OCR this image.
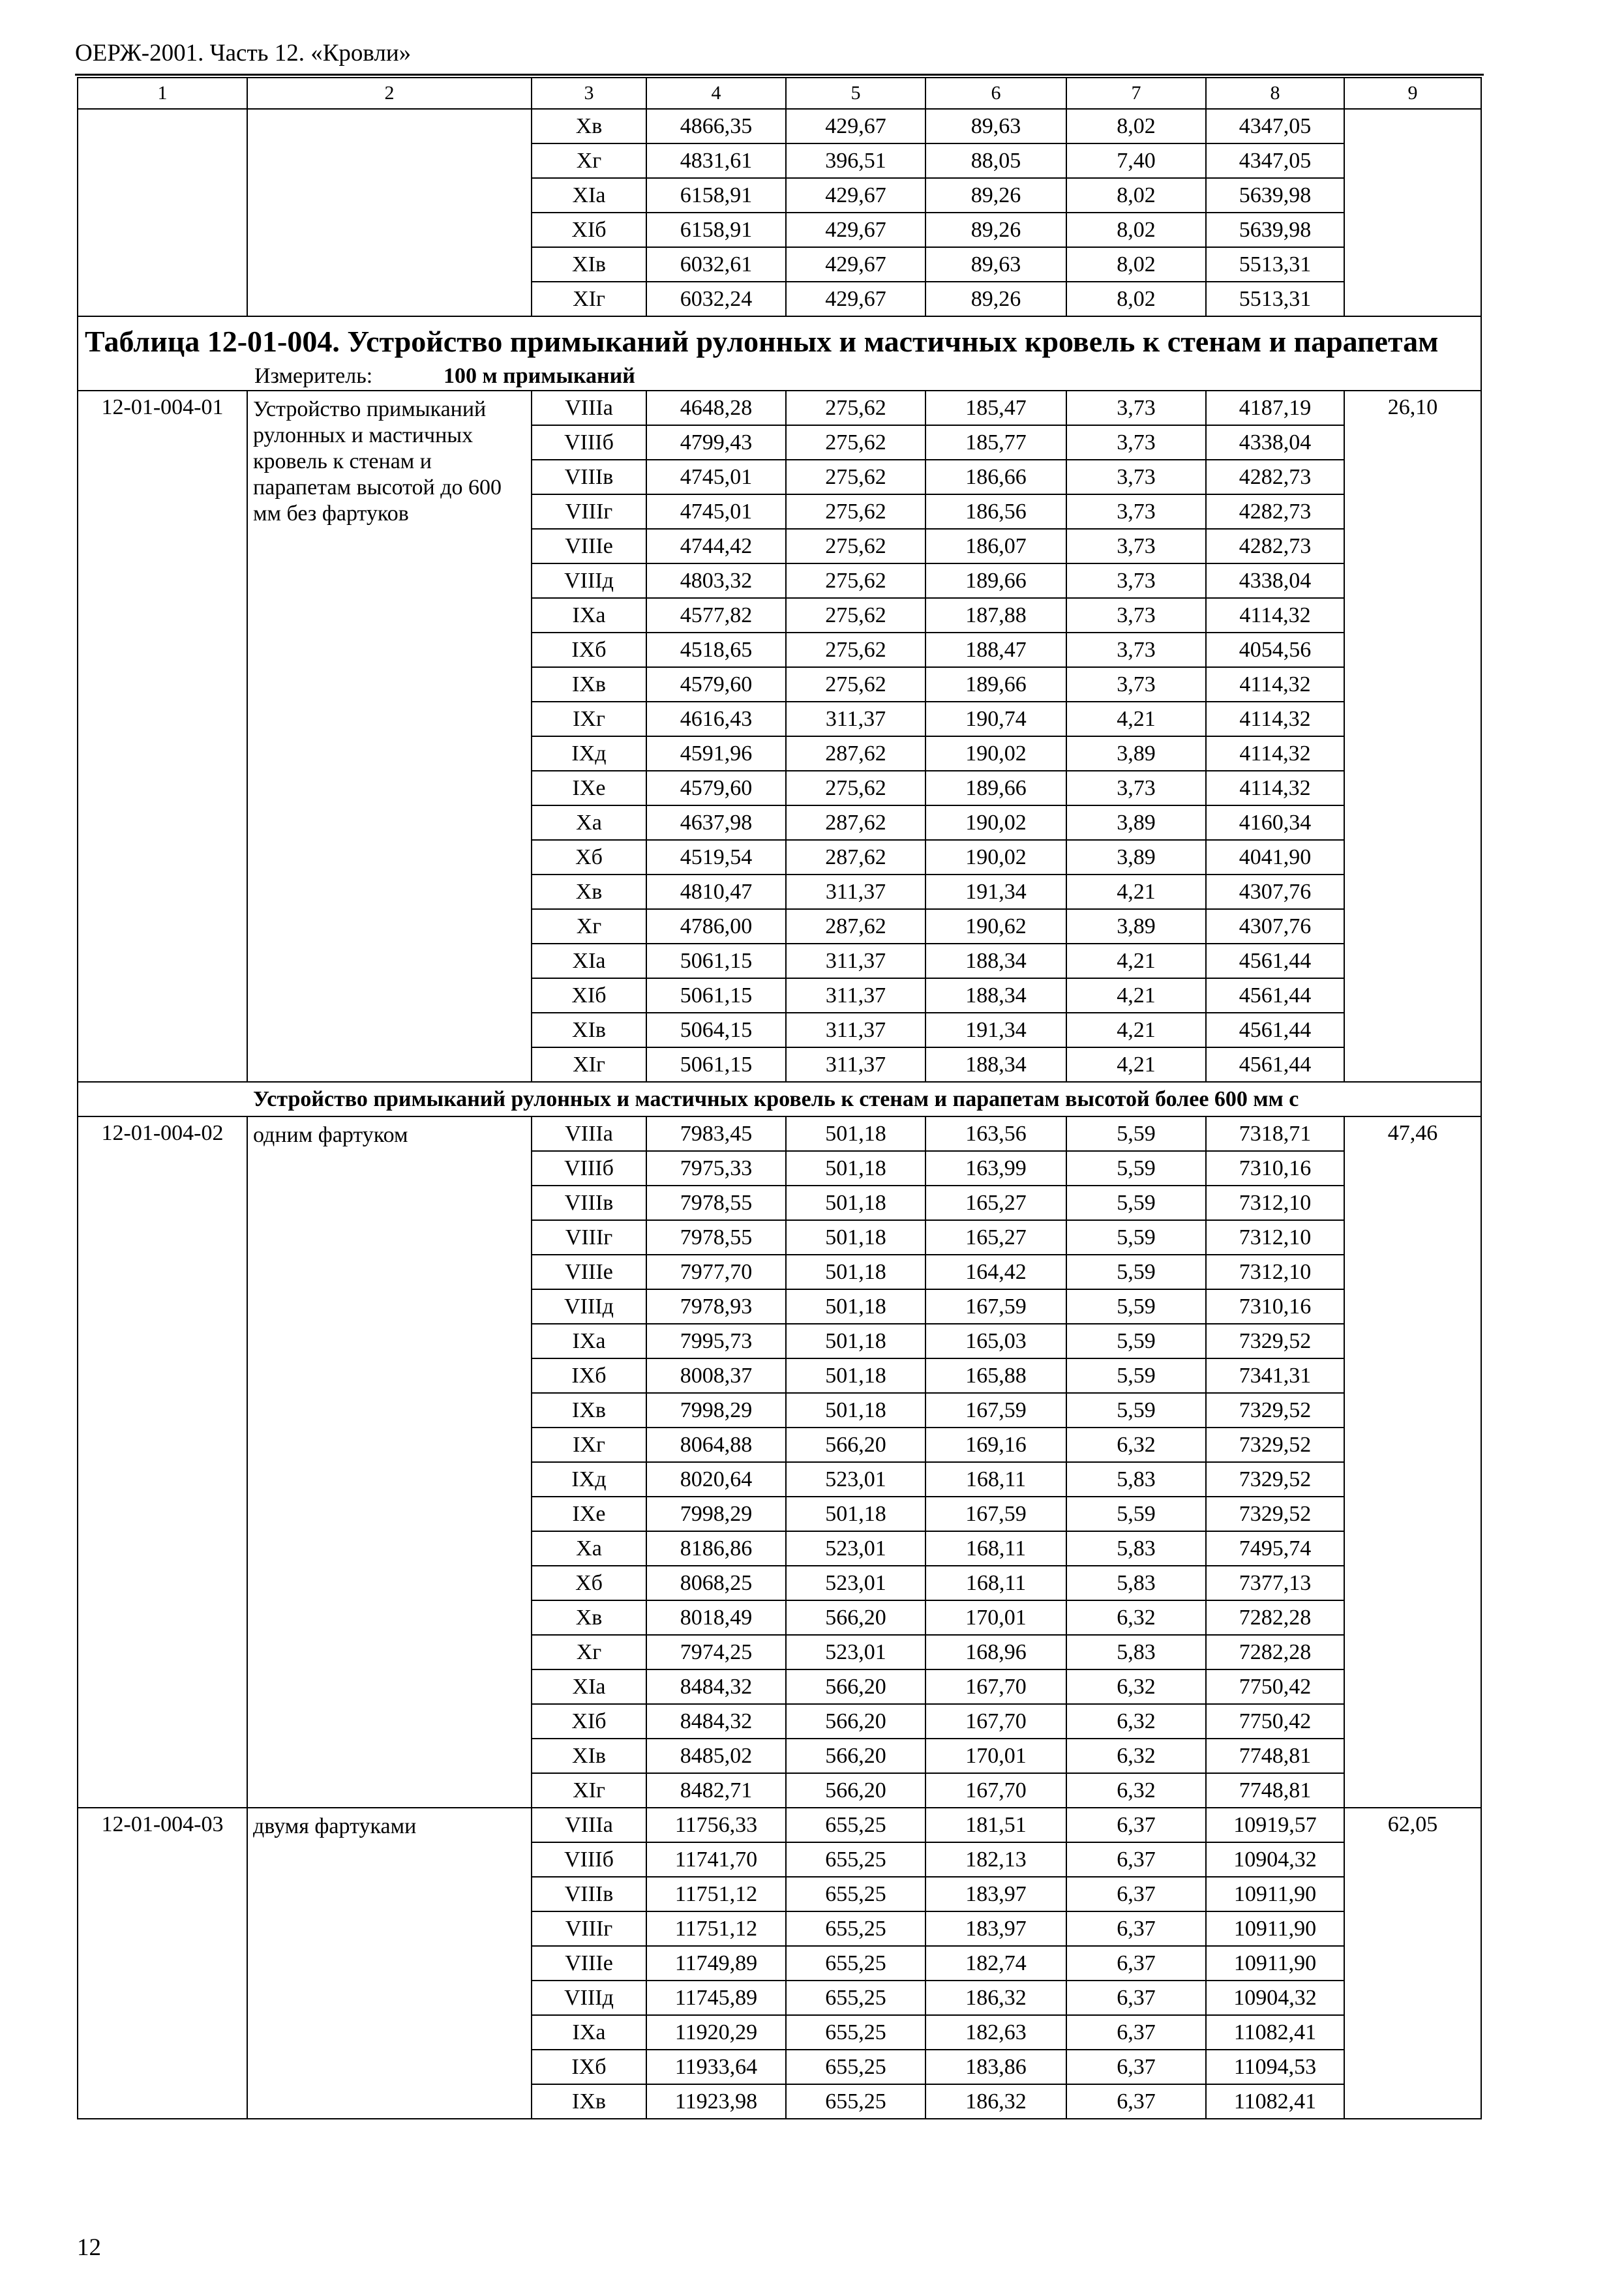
ОЕРЖ-2001. Часть 12. «Кровли»
1	2	3	4	5	6	7	8	9
		Xв	4866,35	429,67	89,63	8,02	4347,05	
		Xг	4831,61	396,51	88,05	7,40	4347,05	
		XIа	6158,91	429,67	89,26	8,02	5639,98	
		XIб	6158,91	429,67	89,26	8,02	5639,98	
		XIв	6032,61	429,67	89,63	8,02	5513,31	
		XIг	6032,24	429,67	89,26	8,02	5513,31	

Таблица 12-01-004. Устройство примыканий рулонных и мастичных кровель к стенам и парапетам								

Измеритель: 100 м примыканий								
12-01-004-01	Устройство примыканий рулонных и мастичных кровель к стенам и парапетам высотой до 600 мм без фартуков	VIIIа	4648,28	275,62	185,47	3,73	4187,19	26,10
		VIIIб	4799,43	275,62	185,77	3,73	4338,04	
		VIIIв	4745,01	275,62	186,66	3,73	4282,73	
		VIIIг	4745,01	275,62	186,56	3,73	4282,73	
		VIIIе	4744,42	275,62	186,07	3,73	4282,73	
		VIIIд	4803,32	275,62	189,66	3,73	4338,04	
		IXа	4577,82	275,62	187,88	3,73	4114,32	
		IXб	4518,65	275,62	188,47	3,73	4054,56	
		IXв	4579,60	275,62	189,66	3,73	4114,32	
		IXг	4616,43	311,37	190,74	4,21	4114,32	
		IXд	4591,96	287,62	190,02	3,89	4114,32	
		IXе	4579,60	275,62	189,66	3,73	4114,32	
		Xа	4637,98	287,62	190,02	3,89	4160,34	
		Xб	4519,54	287,62	190,02	3,89	4041,90	
		Xв	4810,47	311,37	191,34	4,21	4307,76	
		Xг	4786,00	287,62	190,62	3,89	4307,76	
		XIа	5061,15	311,37	188,34	4,21	4561,44	
		XIб	5061,15	311,37	188,34	4,21	4561,44	
		XIв	5064,15	311,37	191,34	4,21	4561,44	
		XIг	5061,15	311,37	188,34	4,21	4561,44	
Устройство примыканий рулонных и мастичных кровель к стенам и парапетам высотой более 600 мм с								
12-01-004-02	одним фартуком	VIIIа	7983,45	501,18	163,56	5,59	7318,71	47,46
		VIIIб	7975,33	501,18	163,99	5,59	7310,16	
		VIIIв	7978,55	501,18	165,27	5,59	7312,10	
		VIIIг	7978,55	501,18	165,27	5,59	7312,10	
		VIIIе	7977,70	501,18	164,42	5,59	7312,10	
		VIIIд	7978,93	501,18	167,59	5,59	7310,16	
		IXа	7995,73	501,18	165,03	5,59	7329,52	
		IXб	8008,37	501,18	165,88	5,59	7341,31	
		IXв	7998,29	501,18	167,59	5,59	7329,52	
		IXг	8064,88	566,20	169,16	6,32	7329,52	
		IXд	8020,64	523,01	168,11	5,83	7329,52	
		IXе	7998,29	501,18	167,59	5,59	7329,52	
		Xа	8186,86	523,01	168,11	5,83	7495,74	
		Xб	8068,25	523,01	168,11	5,83	7377,13	
		Xв	8018,49	566,20	170,01	6,32	7282,28	
		Xг	7974,25	523,01	168,96	5,83	7282,28	
		XIа	8484,32	566,20	167,70	6,32	7750,42	
		XIб	8484,32	566,20	167,70	6,32	7750,42	
		XIв	8485,02	566,20	170,01	6,32	7748,81	
		XIг	8482,71	566,20	167,70	6,32	7748,81	
12-01-004-03	двумя фартуками	VIIIа	11756,33	655,25	181,51	6,37	10919,57	62,05
		VIIIб	11741,70	655,25	182,13	6,37	10904,32	
		VIIIв	11751,12	655,25	183,97	6,37	10911,90	
		VIIIг	11751,12	655,25	183,97	6,37	10911,90	
		VIIIе	11749,89	655,25	182,74	6,37	10911,90	
		VIIIд	11745,89	655,25	186,32	6,37	10904,32	
		IXа	11920,29	655,25	182,63	6,37	11082,41	
		IXб	11933,64	655,25	183,86	6,37	11094,53	
		IXв	11923,98	655,25	186,32	6,37	11082,41	
12
